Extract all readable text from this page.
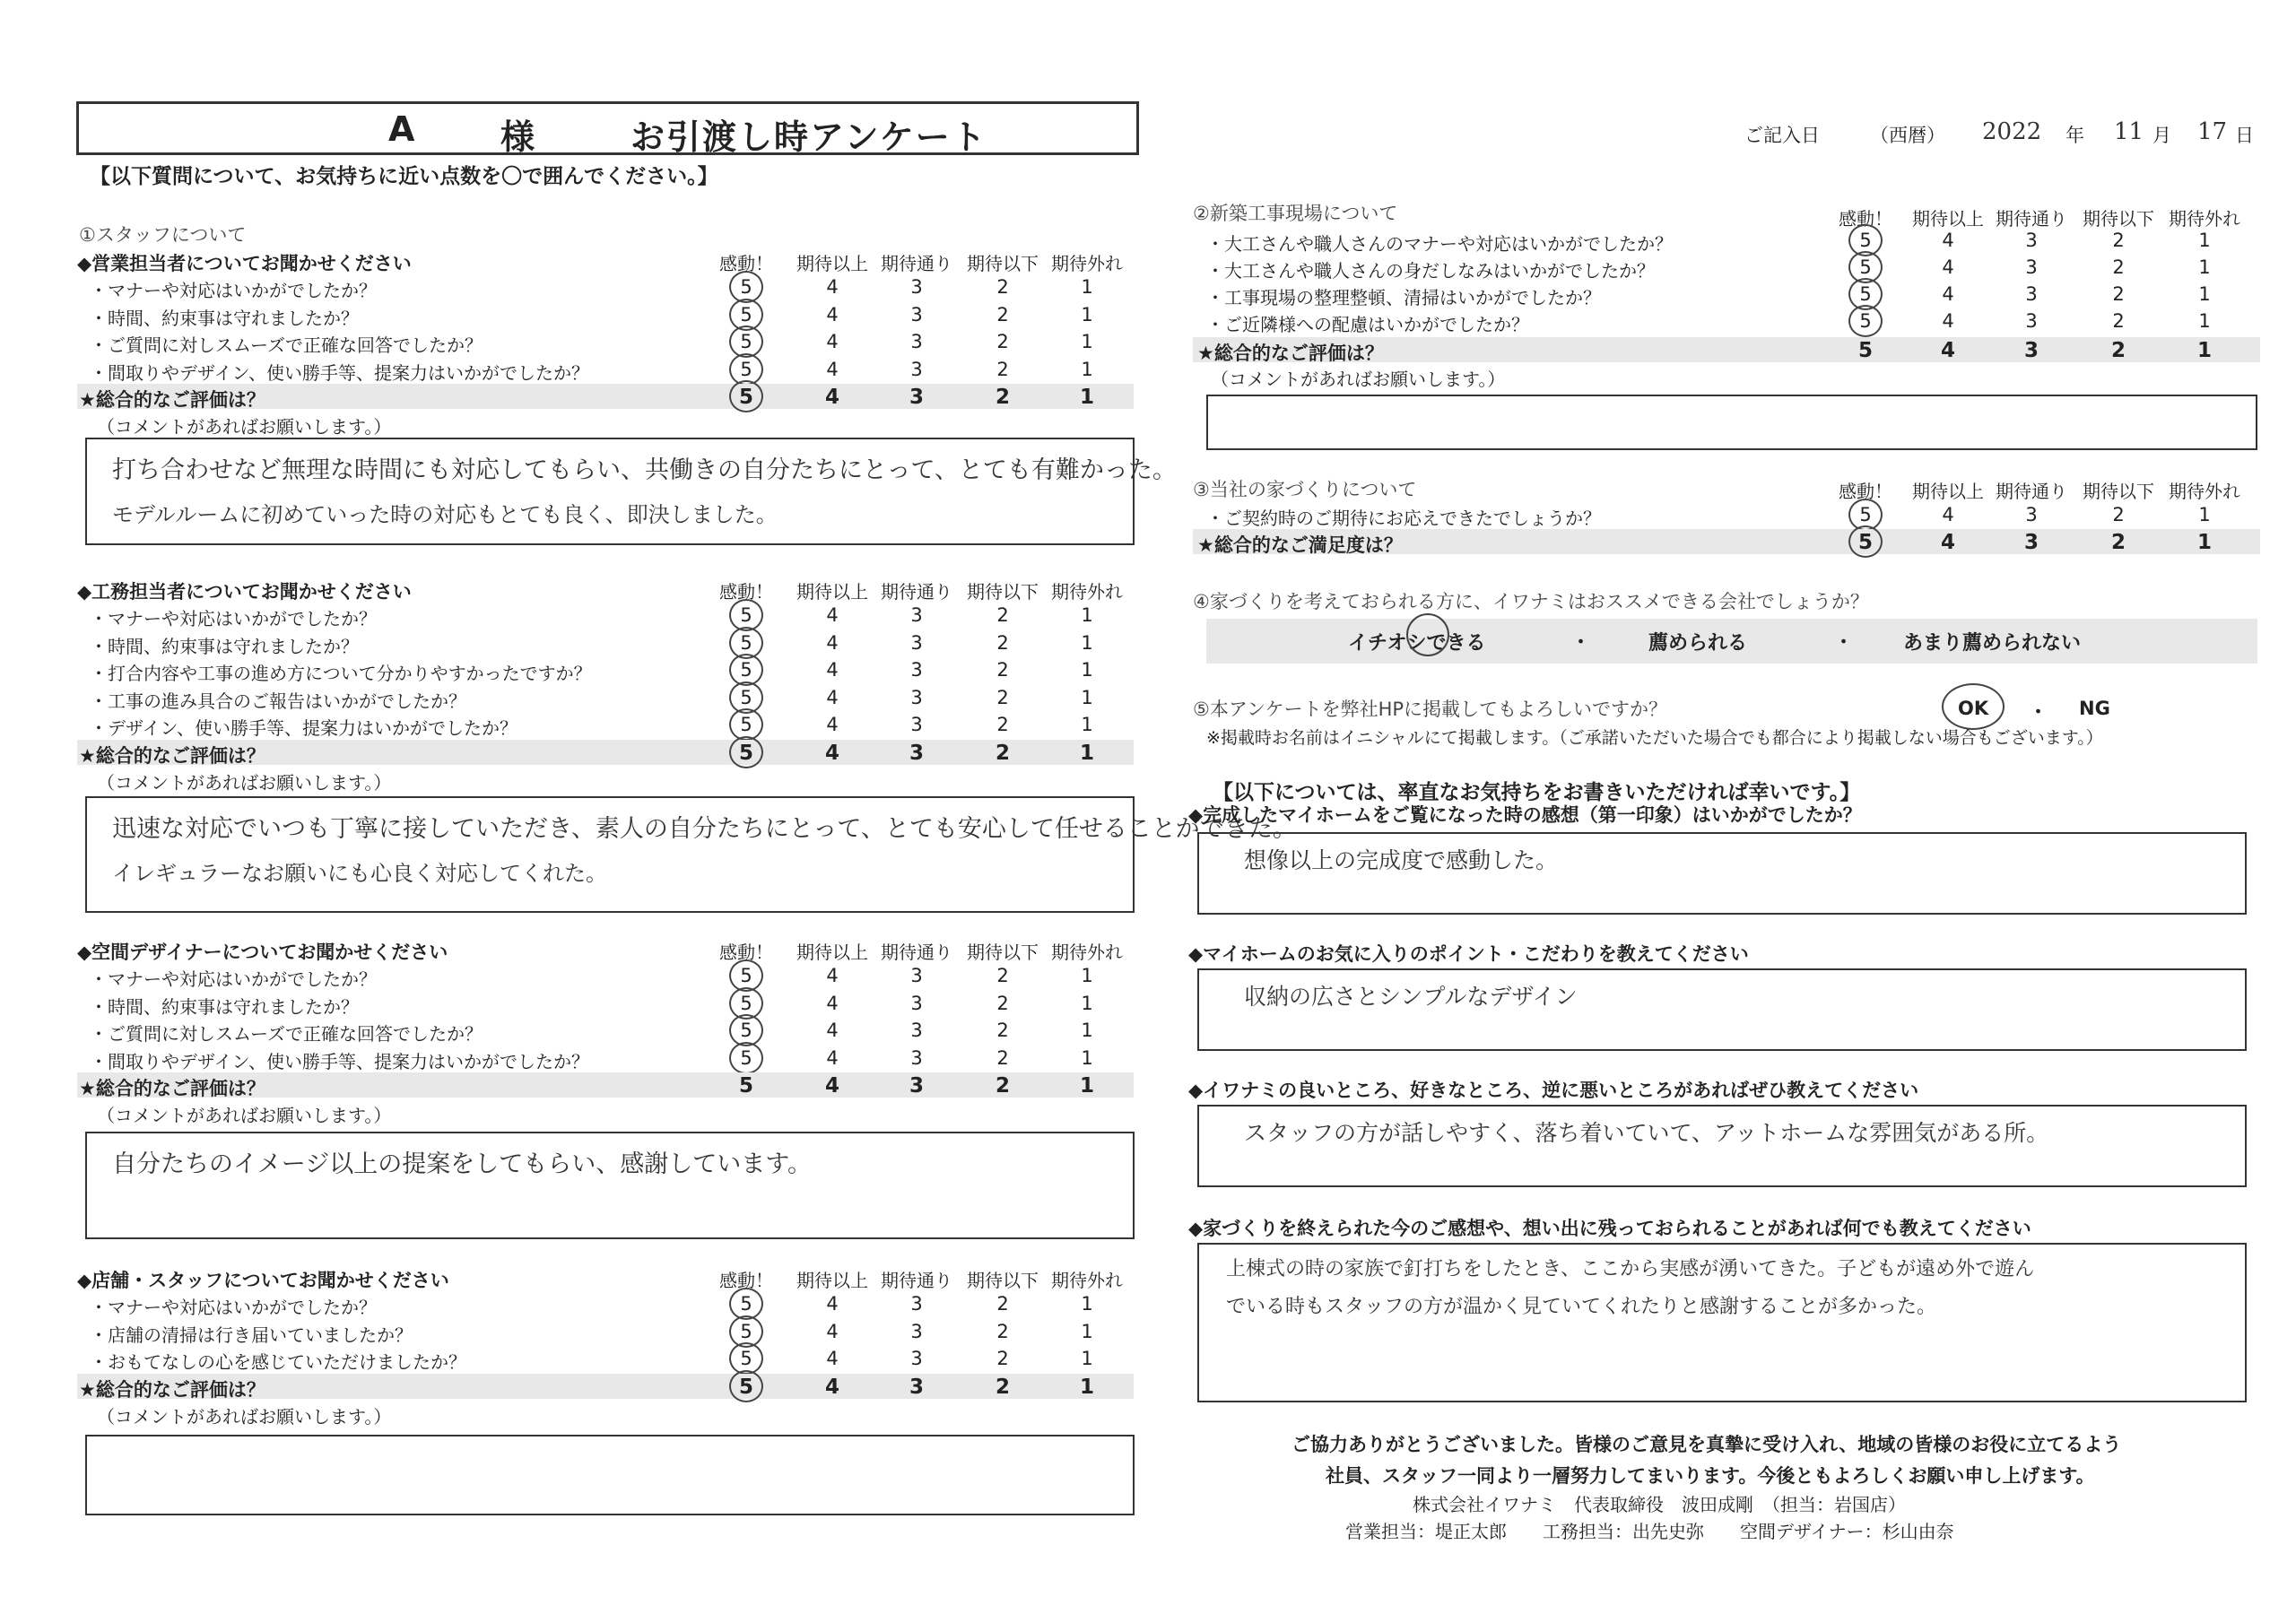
A 様	お引渡し時アンケート	ご記入日	（西暦） 2022 年 11 月 17 日
【以下質問について、お気持ちに近い点数を〇で囲んでください。】
①スタッフについて
◆営業担当者についてお聞かせください	感動！	期待以上 期待通り 期待以下 期待外れ
・マナーや対応はいかがでしたか？	5	4	3	2	1
・時間、約束事は守れましたか？	5	4	3	2	1
・ご質問に対しスムーズで正確な回答でしたか？	5	4	3	2	1
・間取りやデザイン、使い勝手等、提案力はいかがでしたか？	5	4	3	2	1
★総合的なご評価は？	5	4	3	2	1
（コメントがあればお願いします。）
打ち合わせなど無理な時間にも対応してもらい、共働きの自分たちにとって、とても有難かった。
モデルルームに初めていった時の対応もとても良く、即決しました。
◆工務担当者についてお聞かせください	感動！	期待以上 期待通り 期待以下 期待外れ
・マナーや対応はいかがでしたか？	5	4	3	2	1
・時間、約束事は守れましたか？	5	4	3	2	1
・打合内容や工事の進め方について分かりやすかったですか？	5	4	3	2	1
・工事の進み具合のご報告はいかがでしたか？	5	4	3	2	1
・デザイン、使い勝手等、提案力はいかがでしたか？	5	4	3	2	1
★総合的なご評価は？	5	4	3	2	1
（コメントがあればお願いします。）
迅速な対応でいつも丁寧に接していただき、素人の自分たちにとって、とても安心して任せることができた。
イレギュラーなお願いにも心良く対応してくれた。
◆空間デザイナーについてお聞かせください	感動！	期待以上 期待通り 期待以下 期待外れ
・マナーや対応はいかがでしたか？	5	4	3	2	1
・時間、約束事は守れましたか？	5	4	3	2	1
・ご質問に対しスムーズで正確な回答でしたか？	5	4	3	2	1
・間取りやデザイン、使い勝手等、提案力はいかがでしたか？	5	4	3	2	1
★総合的なご評価は？	5	4	3	2	1
（コメントがあればお願いします。）
自分たちのイメージ以上の提案をしてもらい、感謝しています。
◆店舗・スタッフについてお聞かせください	感動！	期待以上 期待通り 期待以下 期待外れ
・マナーや対応はいかがでしたか？	5	4	3	2	1
・店舗の清掃は行き届いていましたか？	5	4	3	2	1
・おもてなしの心を感じていただけましたか？	5	4	3	2	1
★総合的なご評価は？	5	4	3	2	1
（コメントがあればお願いします。）
②新築工事現場について	感動！	期待以上 期待通り 期待以下 期待外れ
・大工さんや職人さんのマナーや対応はいかがでしたか？	5	4	3	2	1
・大工さんや職人さんの身だしなみはいかがでしたか？	5	4	3	2	1
・工事現場の整理整頓、清掃はいかがでしたか？	5	4	3	2	1
・ご近隣様への配慮はいかがでしたか？	5	4	3	2	1
★総合的なご評価は？	5	4	3	2	1
（コメントがあればお願いします。）
③当社の家づくりについて	感動！	期待以上 期待通り 期待以下 期待外れ
・ご契約時のご期待にお応えできたでしょうか？	5	4	3	2	1
★総合的なご満足度は？	5	4	3	2	1
④家づくりを考えておられる方に、イワナミはおススメできる会社でしょうか？
イチオシできる	薦められる	あまり薦められない
・	・
⑤本アンケートを弊社HPに掲載してもよろしいですか？	OK ・ NG
※掲載時お名前はイニシャルにて掲載します。（ご承諾いただいた場合でも都合により掲載しない場合もございます。）
【以下については、率直なお気持ちをお書きいただければ幸いです。】
◆完成したマイホームをご覧になった時の感想（第一印象）はいかがでしたか？
想像以上の完成度で感動した。
◆マイホームのお気に入りのポイント・こだわりを教えてください
収納の広さとシンプルなデザイン
◆イワナミの良いところ、好きなところ、逆に悪いところがあればぜひ教えてください
スタッフの方が話しやすく、落ち着いていて、アットホームな雰囲気がある所。
◆家づくりを終えられた今のご感想や、想い出に残っておられることがあれば何でも教えてください
上棟式の時の家族で釘打ちをしたとき、ここから実感が湧いてきた。子どもが遠め外で遊ん
でいる時もスタッフの方が温かく見ていてくれたりと感謝することが多かった。
ご協力ありがとうございました。皆様のご意見を真摯に受け入れ、地域の皆様のお役に立てるよう
社員、スタッフ一同より一層努力してまいります。今後ともよろしくお願い申し上げます。
株式会社イワナミ　代表取締役　波田成剛　（担当：岩国店）
営業担当：堤正太郎　　工務担当：出先史弥　　空間デザイナー：杉山由奈
